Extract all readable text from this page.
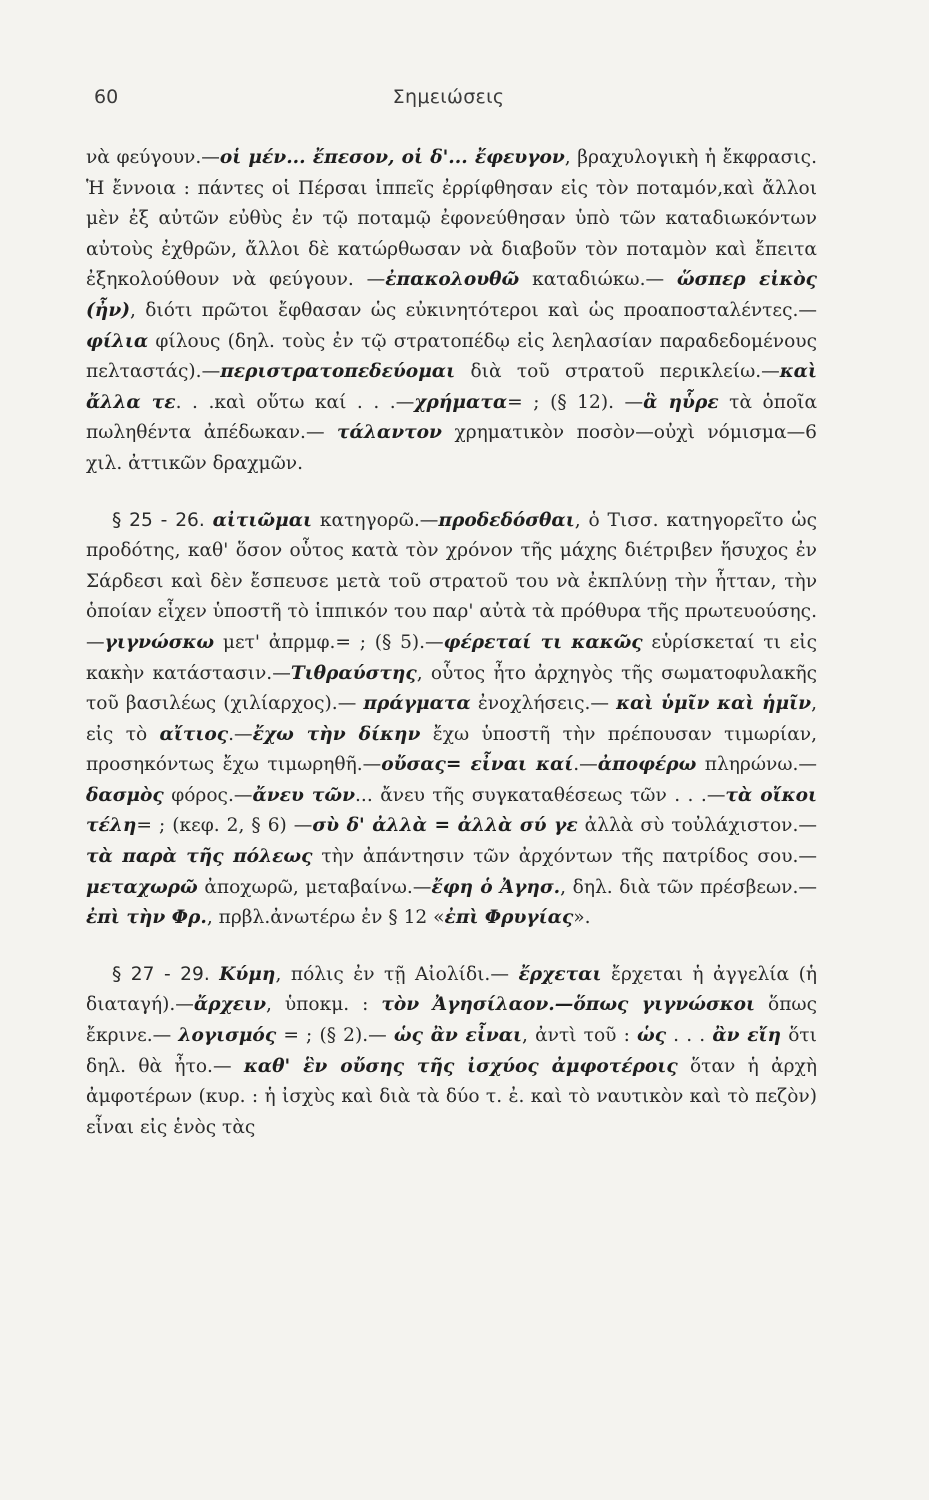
60	Σημειώσεις

νὰ φεύγουν.—οἱ μέν... ἔπεσον, οἱ δ'... ἔφευγον, βραχυλογικὴ ἡ ἔκφρασις. Ἡ ἔννοια : πάντες οἱ Πέρσαι ἱππεῖς ἐρρίφθησαν εἰς τὸν ποταμόν,καὶ ἄλλοι μὲν ἐξ αὐτῶν εὐθὺς ἐν τῷ ποταμῷ ἐφονεύθησαν ὑπὸ τῶν καταδιωκόντων αὐτοὺς ἐχθρῶν, ἄλλοι δὲ κατώρθωσαν νὰ διαβοῦν τὸν ποταμὸν καὶ ἔπειτα ἐξηκολούθουν νὰ φεύγουν. —ἐπακολουθῶ καταδιώκω.— ὥσπερ εἰκὸς (ἦν), διότι πρῶτοι ἔφθασαν ὡς εὐκινητότεροι καὶ ὡς προαποσταλέντες.— φίλια φίλους (δηλ. τοὺς ἐν τῷ στρατοπέδῳ εἰς λεηλασίαν παραδεδομένους πελταστάς).—περιστρατοπεδεύομαι διὰ τοῦ στρατοῦ περικλείω.—καὶ ἄλλα τε. . .καὶ οὕτω καί . . .—χρήματα= ; (§ 12). —ἃ ηὗρε τὰ ὁποῖα πωληθέντα ἀπέδωκαν.— τάλαντον χρηματικὸν ποσὸν—οὐχὶ νόμισμα—6 χιλ. ἀττικῶν δραχμῶν.

§ 25 - 26. αἰτιῶμαι κατηγορῶ.—προδεδόσθαι, ὁ Τισσ. κατηγορεῖτο ὡς προδότης, καθ' ὅσον οὗτος κατὰ τὸν χρόνον τῆς μάχης διέτριβεν ἥσυχος ἐν Σάρδεσι καὶ δὲν ἔσπευσε μετὰ τοῦ στρατοῦ του νὰ ἐκπλύνῃ τὴν ἧτταν, τὴν ὁποίαν εἶχεν ὑποστῆ τὸ ἱππικόν του παρ' αὐτὰ τὰ πρόθυρα τῆς πρωτευούσης. —γιγνώσκω μετ' ἀπρμφ.= ; (§ 5).—φέρεταί τι κακῶς εὑρίσκεταί τι εἰς κακὴν κατάστασιν.—Τιθραύστης, οὗτος ἦτο ἀρχηγὸς τῆς σωματοφυλακῆς τοῦ βασιλέως (χιλίαρχος).— πράγματα ἐνοχλήσεις.— καὶ ὑμῖν καὶ ἡμῖν, εἰς τὸ αἴτιος.—ἔχω τὴν δίκην ἔχω ὑποστῆ τὴν πρέπουσαν τιμωρίαν, προσηκόντως ἔχω τιμωρηθῆ.—οὔσας= εἶναι καί.—ἀποφέρω πληρώνω.—δασμὸς φόρος.—ἄνευ τῶν... ἄνευ τῆς συγκαταθέσεως τῶν . . .—τὰ οἴκοι τέλη= ; (κεφ. 2, § 6) —σὺ δ' ἀλλὰ = ἀλλὰ σύ γε ἀλλὰ σὺ τοὐλάχιστον.—τὰ παρὰ τῆς πόλεως τὴν ἀπάντησιν τῶν ἀρχόντων τῆς πατρίδος σου.— μεταχωρῶ ἀποχωρῶ, μεταβαίνω.—ἔφη ὁ Ἀγησ., δηλ. διὰ τῶν πρέσβεων.— ἐπὶ τὴν Φρ., πρβλ.ἀνωτέρω ἐν § 12 «ἐπὶ Φρυγίας».

§ 27 - 29. Κύμη, πόλις ἐν τῇ Αἰολίδι.— ἔρχεται ἔρχεται ἡ ἀγγελία (ἡ διαταγή).—ἄρχειν, ὑποκμ. : τὸν Ἀγησίλαον.—ὅπως γιγνώσκοι ὅπως ἔκρινε.— λογισμός = ; (§ 2).— ὡς ἂν εἶναι, ἀντὶ τοῦ : ὡς . . . ἂν εἴη ὅτι δηλ. θὰ ἦτο.— καθ' ἓν οὔσης τῆς ἰσχύος ἀμφοτέροις ὅταν ἡ ἀρχὴ ἀμφοτέρων (κυρ. : ἡ ἰσχὺς καὶ διὰ τὰ δύο τ. ἐ. καὶ τὸ ναυτικὸν καὶ τὸ πεζὸν) εἶναι εἰς ἑνὸς τὰς
